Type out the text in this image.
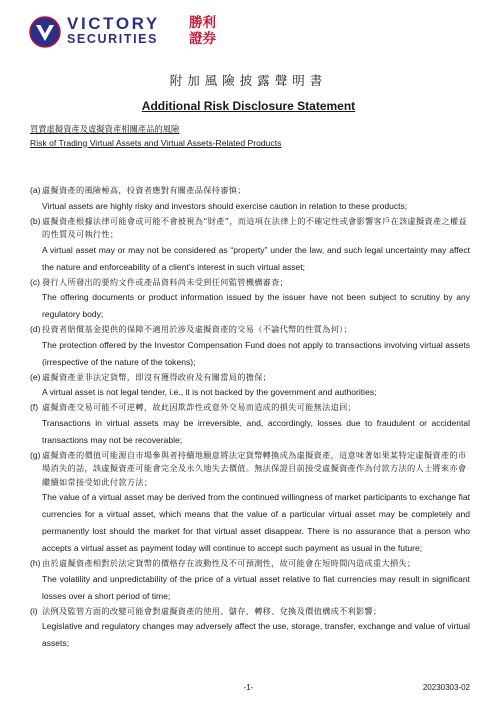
VICTORY
SECURITIES
勝利
證券
附加風險披露聲明書
Additional Risk Disclosure Statement
買賣虛擬資產及虛擬資產相關產品的風險
Risk of Trading Virtual Assets and Virtual Assets-Related Products
(a) 虛擬資產的風險極高，投資者應對有關產品保持審慎；
Virtual assets are highly risky and investors should exercise caution in relation to these products;
(b) 虛擬資產根據法律可能會或可能不會被視為“財產”，而這項在法律上的不確定性或會影響客戶在該虛擬資產之權益的性質及可執行性；
A virtual asset may or may not be considered as “property” under the law, and such legal uncertainty may affect the nature and enforceability of a client’s interest in such virtual asset;
(c) 發行人所發出的要約文件或產品資料尚未受到任何監管機構審查；
The offering documents or product information issued by the issuer have not been subject to scrutiny by any regulatory body;
(d) 投資者賠償基金提供的保障不適用於涉及虛擬資產的交易（不論代幣的性質為何）；
The protection offered by the Investor Compensation Fund does not apply to transactions involving virtual assets (irrespective of the nature of the tokens);
(e) 虛擬資產並非法定貨幣，即沒有獲得政府及有關當局的擔保；
A virtual asset is not legal tender, i.e., it is not backed by the government and authorities;
(f) 虛擬資產交易可能不可逆轉，故此因欺詐性或意外交易而造成的損失可能無法追回；
Transactions in virtual assets may be irreversible, and, accordingly, losses due to fraudulent or accidental transactions may not be recoverable;
(g) 虛擬資產的價值可能源自市場參與者持續地願意將法定貨幣轉換成為虛擬資產，這意味著如果某特定虛擬資產的市場消失的話，該虛擬資產可能會完全及永久地失去價值。無法保證目前接受虛擬資產作為付款方法的人士將來亦會繼續如常接受如此付款方法；
The value of a virtual asset may be derived from the continued willingness of market participants to exchange fiat currencies for a virtual asset, which means that the value of a particular virtual asset may be completely and permanently lost should the market for that virtual asset disappear. There is no assurance that a person who accepts a virtual asset as payment today will continue to accept such payment as usual in the future;
(h) 由於虛擬資產相對於法定貨幣的價格存在波動性及不可預測性，故可能會在短時間內造成重大損失；
The volatility and unpredictability of the price of a virtual asset relative to fiat currencies may result in significant losses over a short period of time;
(i) 法例及監管方面的改變可能會對虛擬資產的使用、儲存、轉移、兌換及價值構成不利影響；
Legislative and regulatory changes may adversely affect the use, storage, transfer, exchange and value of virtual assets;
-1-	20230303-02
